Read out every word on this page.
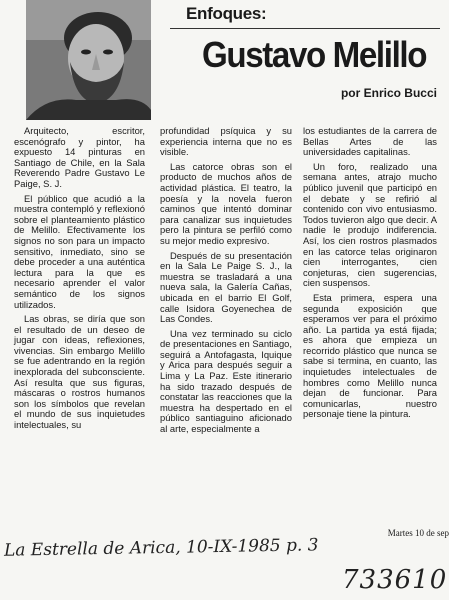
Enfoques:
Gustavo Melillo
por Enrico Bucci

Arquitecto, escritor, escenógrafo y pintor, ha expuesto 14 pinturas en Santiago de Chile, en la Sala Reverendo Padre Gustavo Le Paige, S. J.

El público que acudió a la muestra contempló y reflexionó sobre el planteamiento plástico de Melillo. Efectivamente los signos no son para un impacto sensitivo, inmediato, sino se debe proceder a una auténtica lectura para la que es necesario aprender el valor semántico de los signos utilizados.

Las obras, se diría que son el resultado de un deseo de jugar con ideas, reflexiones, vivencias. Sin embargo Melillo se fue adentrando en la región inexplorada del subconsciente. Así resulta que sus figuras, máscaras o rostros humanos son los símbolos que revelan el mundo de sus inquietudes intelectuales, su

profundidad psíquica y su experiencia interna que no es visible.

Las catorce obras son el producto de muchos años de actividad plástica. El teatro, la poesía y la novela fueron caminos que intentó dominar para canalizar sus inquietudes pero la pintura se perfiló como su mejor medio expresivo.

Después de su presentación en la Sala Le Paige S. J., la muestra se trasladará a una nueva sala, la Galería Cañas, ubicada en el barrio El Golf, calle Isidora Goyenechea de Las Condes.

Una vez terminado su ciclo de presentaciones en Santiago, seguirá a Antofagasta, Iquique y Arica para después seguir a Lima y La Paz. Este itinerario ha sido trazado después de constatar las reacciones que la muestra ha despertado en el público santiaguino aficionado al arte, especialmente a

los estudiantes de la carrera de Bellas Artes de las universidades capitalinas.

Un foro, realizado una semana antes, atrajo mucho público juvenil que participó en el debate y se refirió al contenido con vivo entusiasmo. Todos tuvieron algo que decir. A nadie le produjo indiferencia. Así, los cien rostros plasmados en las catorce telas originaron cien interrogantes, cien conjeturas, cien sugerencias, cien suspensos.

Esta primera, espera una segunda exposición que esperamos ver para el próximo año. La partida ya está fijada; es ahora que empieza un recorrido plástico que nunca se sabe si termina, en cuanto, las inquietudes intelectuales de hombres como Melillo nunca dejan de funcionar. Para comunicarlas, nuestro personaje tiene la pintura.

Martes 10 de sep
La Estrella de Arica, 10-IX-1985 p. 3
733610
